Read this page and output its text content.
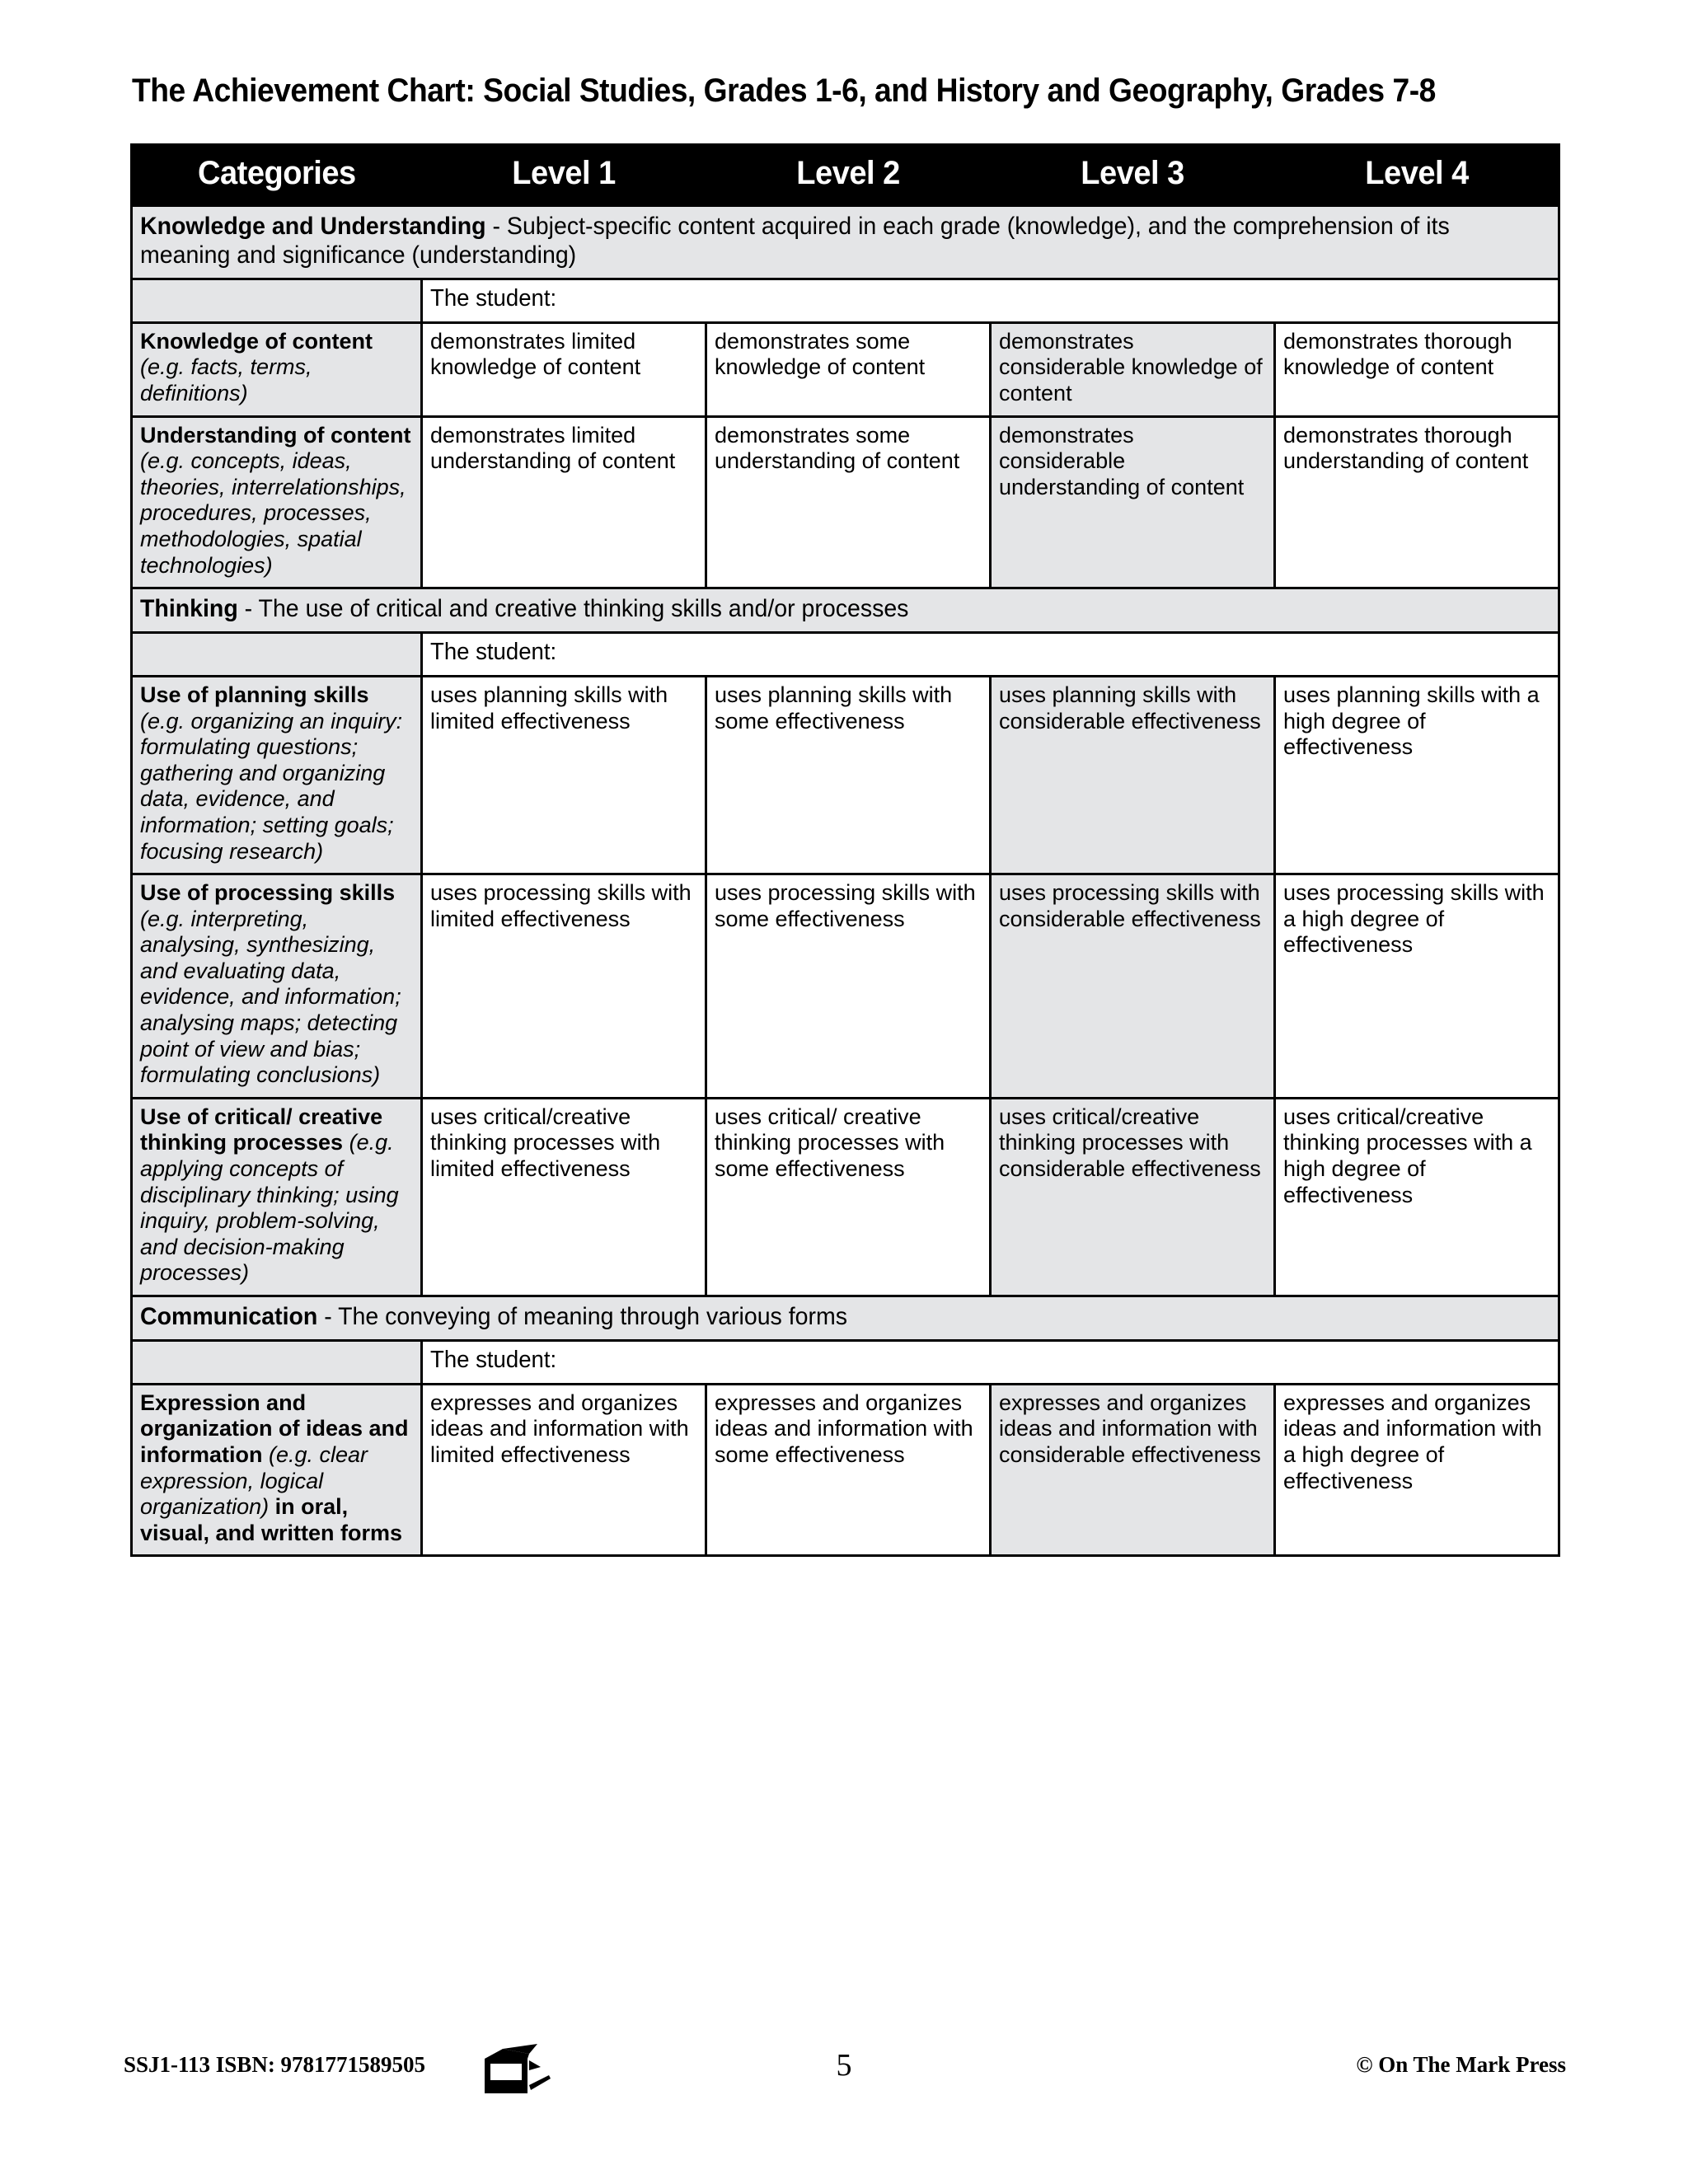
The Achievement Chart: Social Studies, Grades 1-6, and History and Geography, Grades 7-8
Categories	Level 1	Level 2	Level 3	Level 4

Knowledge and Understanding - Subject-specific content acquired in each grade (knowledge), and the comprehension of its meaning and significance (understanding)				

	The student:			
Knowledge of content (e.g. facts, terms, definitions)	demonstrates limited knowledge of content	demonstrates some knowledge of content	demonstrates considerable knowledge of content	demonstrates thorough knowledge of content
Understanding of content (e.g. concepts, ideas, theories, interrelationships, procedures, processes, methodologies, spatial technologies)	demonstrates limited understanding of content	demonstrates some understanding of content	demonstrates considerable understanding of content	demonstrates thorough understanding of content

Thinking - The use of critical and creative thinking skills and/or processes				

	The student:			
Use of planning skills (e.g. organizing an inquiry: formulating questions; gathering and organizing data, evidence, and information; setting goals; focusing research)	uses planning skills with limited effectiveness	uses planning skills with some effectiveness	uses planning skills with considerable effectiveness	uses planning skills with a high degree of effectiveness
Use of processing skills (e.g. interpreting, analysing, synthesizing, and evaluating data, evidence, and information; analysing maps; detecting point of view and bias; formulating conclusions)	uses processing skills with limited effectiveness	uses processing skills with some effectiveness	uses processing skills with considerable effectiveness	uses processing skills with a high degree of effectiveness
Use of critical/ creative thinking processes (e.g. applying concepts of disciplinary thinking; using inquiry, problem-solving, and decision-making processes)	uses critical/creative thinking processes with limited effectiveness	uses critical/ creative thinking processes with some effectiveness	uses critical/creative thinking processes with considerable effectiveness	uses critical/creative thinking processes with a high degree of effectiveness

Communication - The conveying of meaning through various forms				

	The student:			
Expression and organization of ideas and information (e.g. clear expression, logical organization) in oral, visual, and written forms	expresses and organizes ideas and information with limited effectiveness	expresses and organizes ideas and information with some effectiveness	expresses and organizes ideas and information with considerable effectiveness	expresses and organizes ideas and information with a high degree of effectiveness
SSJ1-113 ISBN: 9781771589505	5	© On The Mark Press
